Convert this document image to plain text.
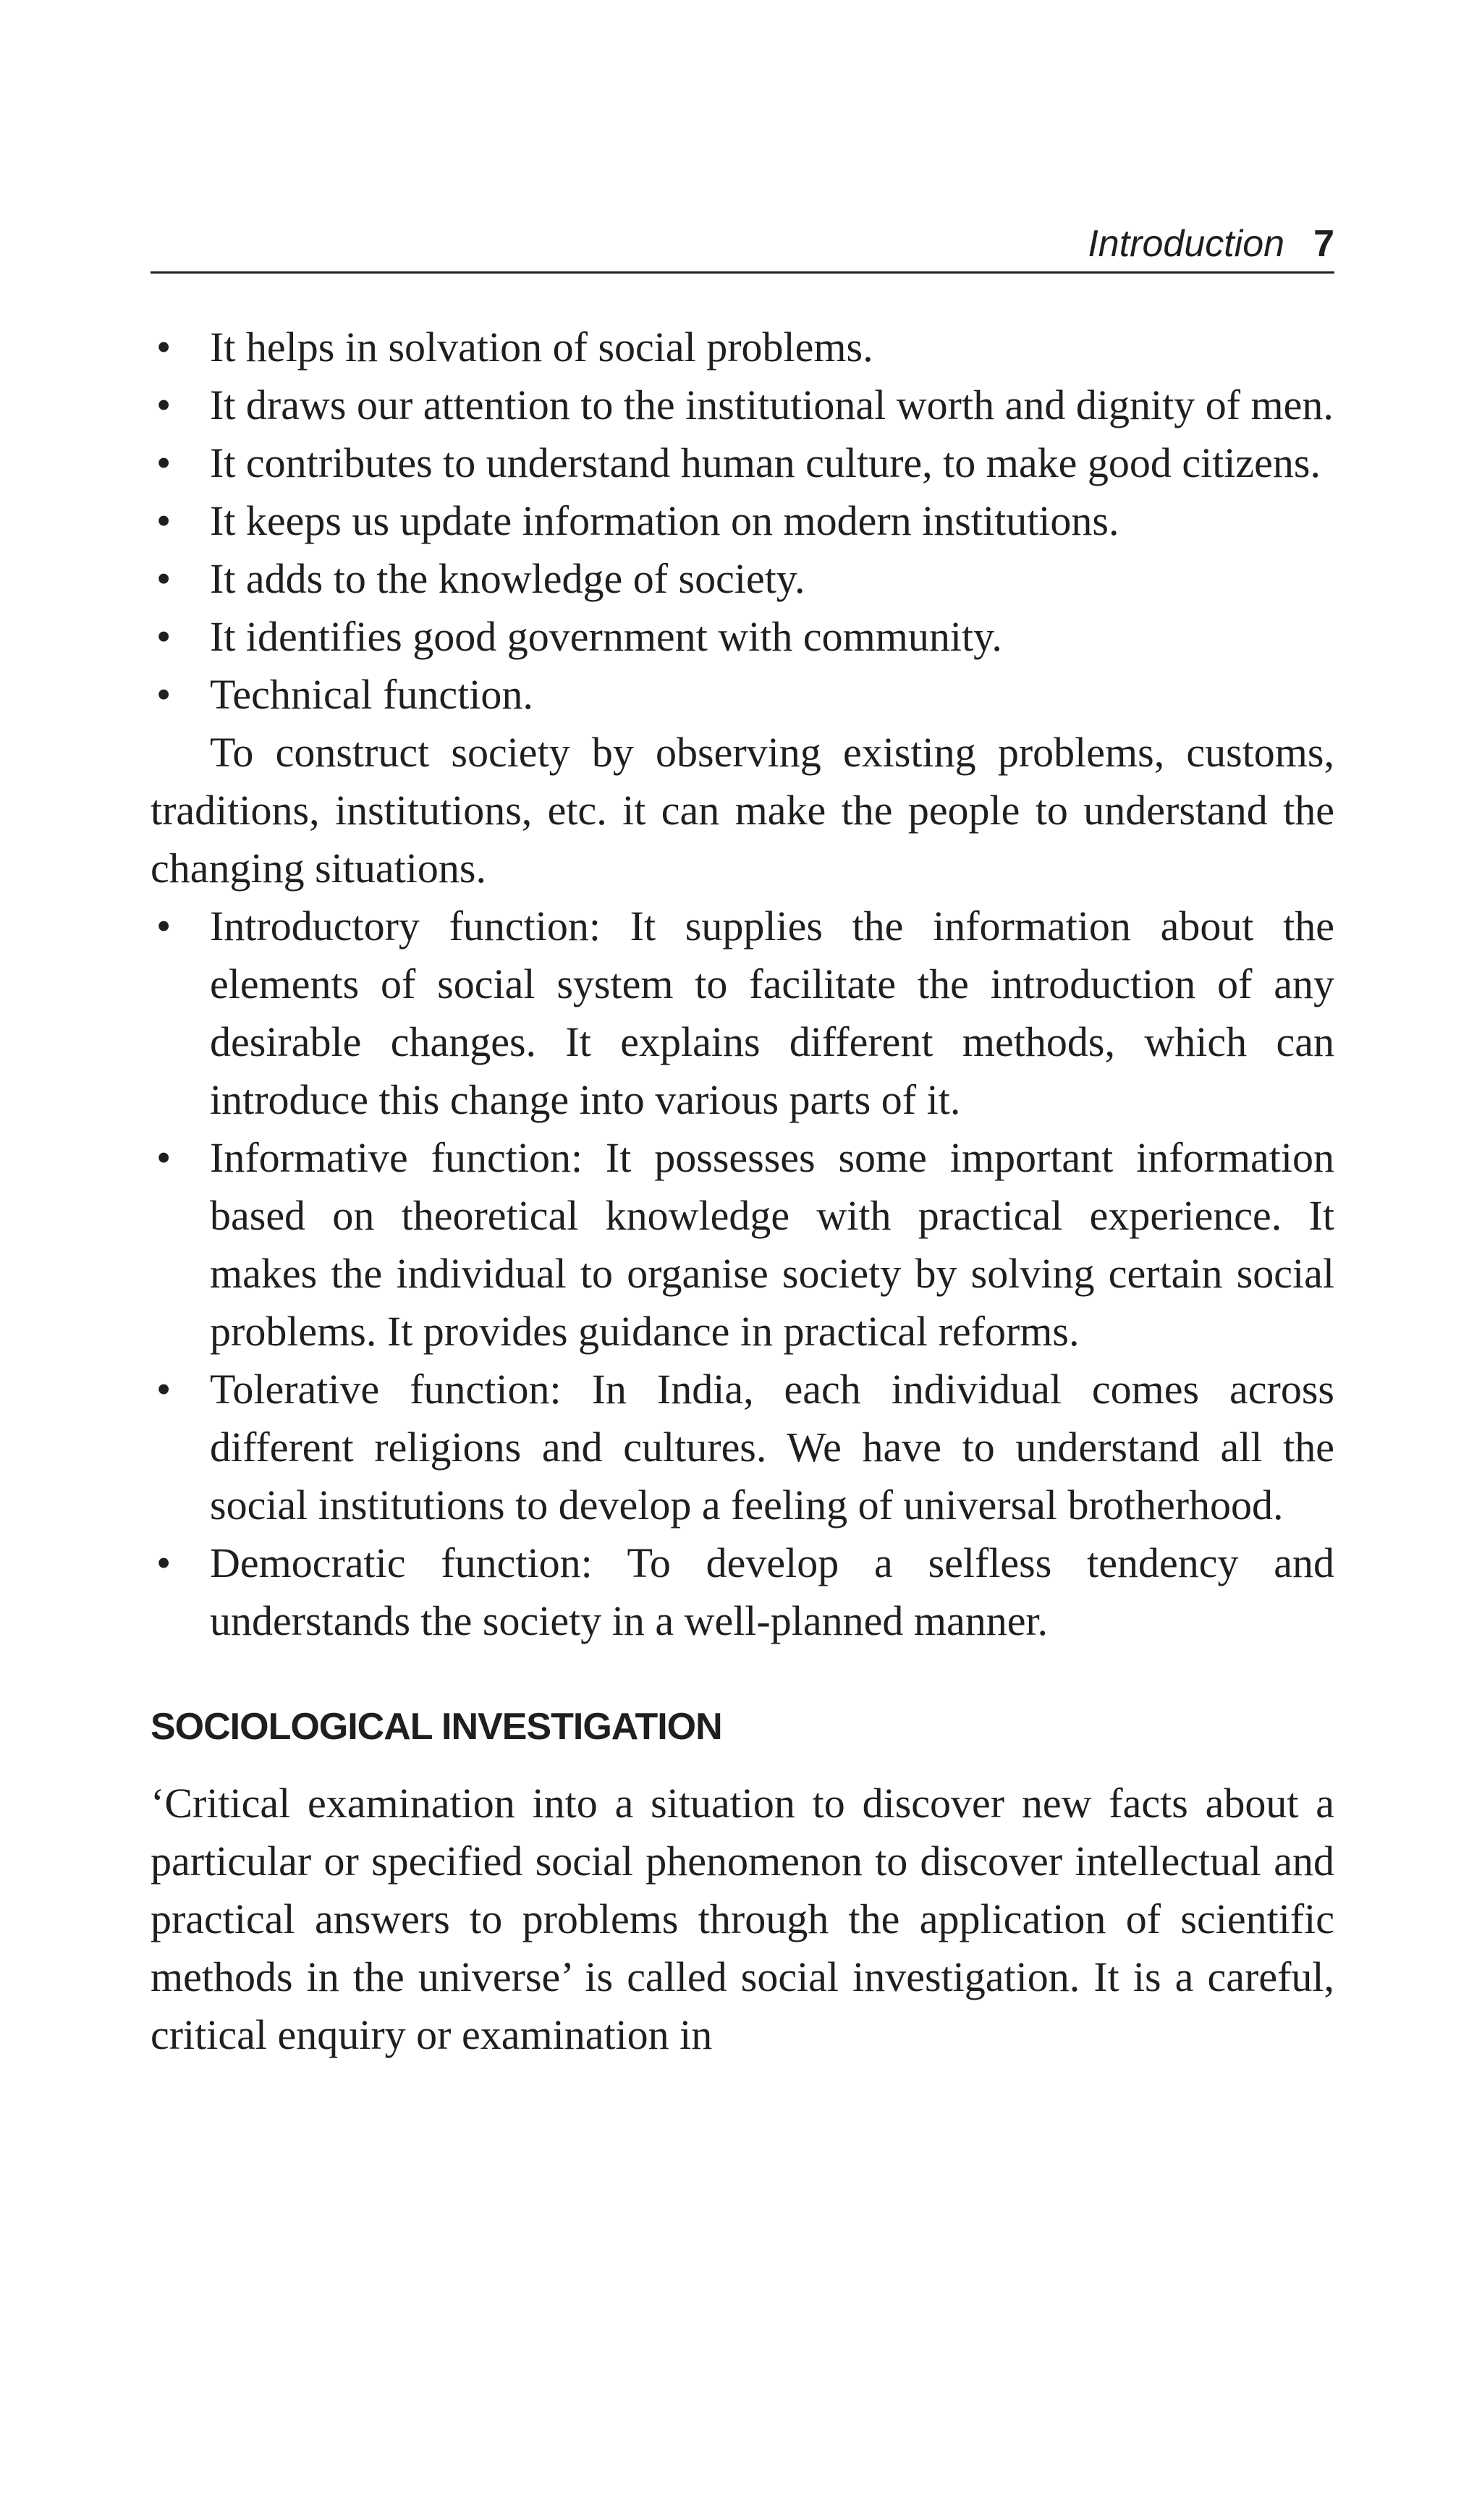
Introduction 7
• It helps in solvation of social problems.
• It draws our attention to the institutional worth and dignity of men.
• It contributes to understand human culture, to make good citizens.
• It keeps us update information on modern institutions.
• It adds to the knowledge of society.
• It identifies good government with community.
• Technical function.

To construct society by observing existing problems, customs, traditions, institutions, etc. it can make the people to understand the changing situations.

• Introductory function: It supplies the information about the elements of social system to facilitate the introduction of any desirable changes. It explains different methods, which can introduce this change into various parts of it.
• Informative function: It possesses some important information based on theoretical knowledge with practical experience. It makes the individual to organise society by solving certain social problems. It provides guidance in practical reforms.
• Tolerative function: In India, each individual comes across different religions and cultures. We have to understand all the social institutions to develop a feeling of universal brotherhood.
• Democratic function: To develop a selfless tendency and understands the society in a well-planned manner.
SOCIOLOGICAL INVESTIGATION

‘Critical examination into a situation to discover new facts about a particular or specified social phenomenon to discover intellectual and practical answers to problems through the application of scientific methods in the universe’ is called social investigation. It is a careful, critical enquiry or examination in
